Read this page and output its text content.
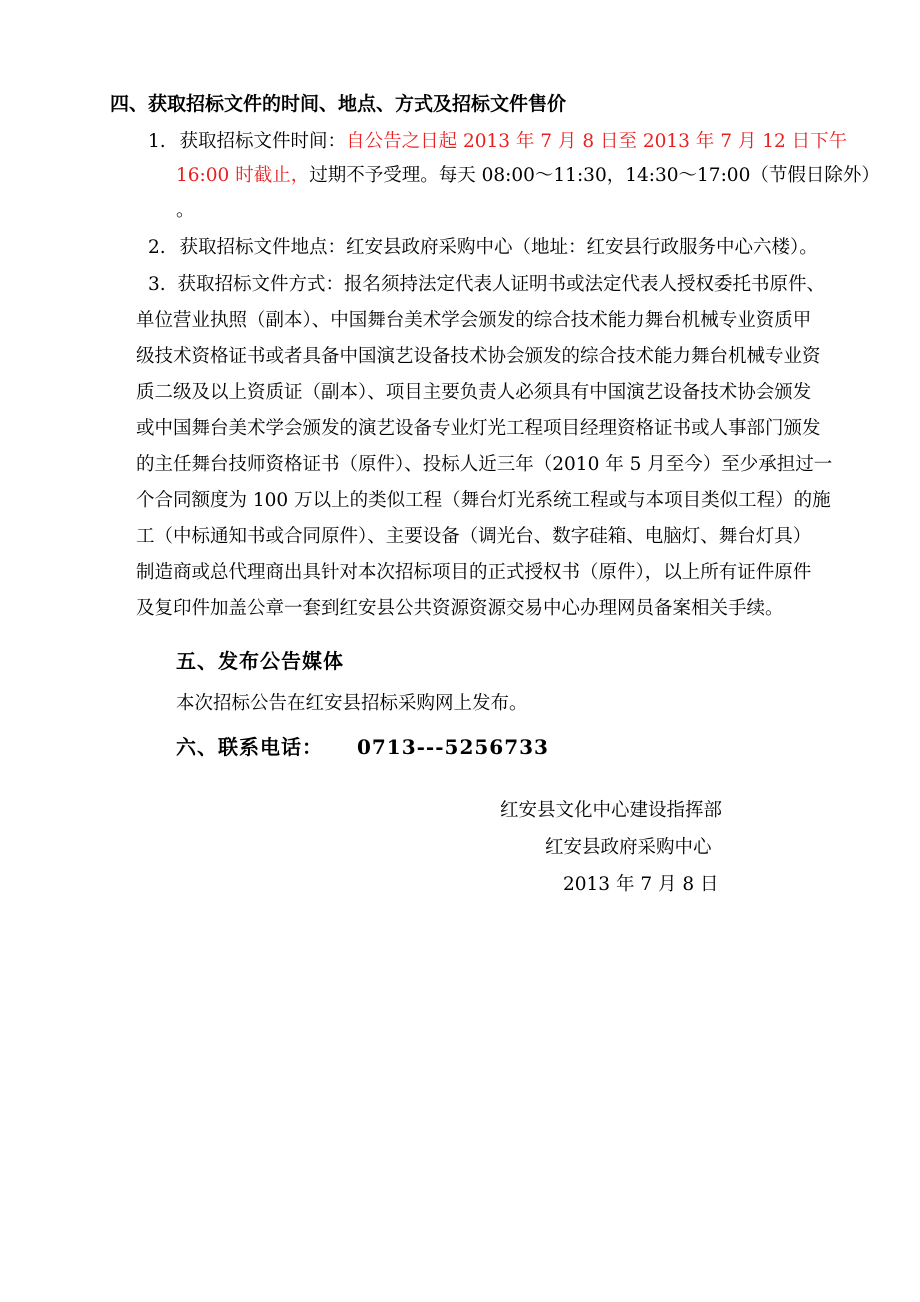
四、获取招标文件的时间、地点、方式及招标文件售价
1. 获取招标文件时间：自公告之日起 2013 年 7 月 8 日至 2013 年 7 月 12 日下午
16:00 时截止，过期不予受理。每天 08:00～11:30，14:30～17:00（节假日除外）
。
2. 获取招标文件地点：红安县政府采购中心（地址：红安县行政服务中心六楼）。
3. 获取招标文件方式：报名须持法定代表人证明书或法定代表人授权委托书原件、
单位营业执照（副本）、中国舞台美术学会颁发的综合技术能力舞台机械专业资质甲
级技术资格证书或者具备中国演艺设备技术协会颁发的综合技术能力舞台机械专业资
质二级及以上资质证（副本）、项目主要负责人必须具有中国演艺设备技术协会颁发
或中国舞台美术学会颁发的演艺设备专业灯光工程项目经理资格证书或人事部门颁发
的主任舞台技师资格证书（原件）、投标人近三年（2010 年 5 月至今）至少承担过一
个合同额度为 100 万以上的类似工程（舞台灯光系统工程或与本项目类似工程）的施
工（中标通知书或合同原件）、主要设备（调光台、数字硅箱、电脑灯、舞台灯具）
制造商或总代理商出具针对本次招标项目的正式授权书（原件），以上所有证件原件
及复印件加盖公章一套到红安县公共资源资源交易中心办理网员备案相关手续。
五、发布公告媒体
本次招标公告在红安县招标采购网上发布。
六、联系电话： 0713---5256733
红安县文化中心建设指挥部
红安县政府采购中心
2013 年 7 月 8 日
